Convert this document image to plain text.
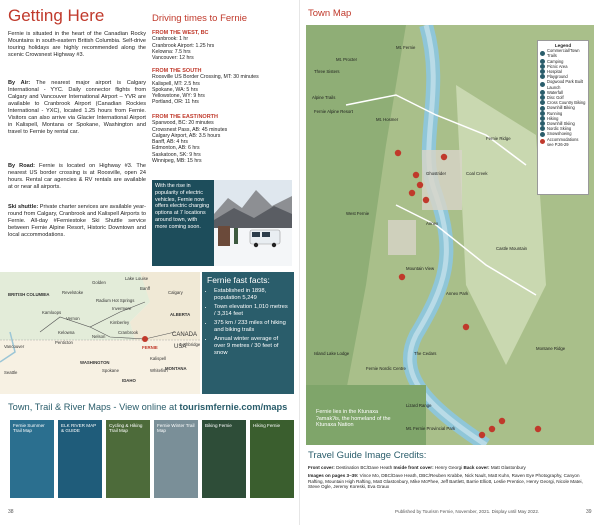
Getting Here

Fernie is situated in the heart of the Canadian Rocky Mountains in south-eastern British Columbia. Self-drive touring holidays are highly recommended along the scenic Crowsnest Highway #3.

By Air: The nearest major airport is Calgary International - YYC. Daily connector flights from Calgary and Vancouver International Airport – YVR are available to Cranbrook Airport (Canadian Rockies International - YXC), located 1.25 hours from Fernie. Visitors can also arrive via Glacier International Airport in Kalispell, Montana or Spokane, Washington and travel to Fernie by rental car.

By Road: Fernie is located on Highway #3. The nearest US border crossing is at Roosville, open 24 hours. Rental car agencies & RV rentals are available at or near all airports.

Ski shuttle: Private charter services are available year-round from Calgary, Cranbrook and Kalispell Airports to Fernie. All-day #Ferniestoke Ski Shuttle service between Fernie Alpine Resort, Historic Downtown and local accommodations.

Driving times to Fernie
FROM THE WEST, BC
Cranbrook: 1 hr
Cranbrook Airport: 1.25 hrs
Kelowna: 7.5 hrs
Vancouver: 12 hrs
FROM THE SOUTH
Roosville US Border Crossing, MT: 30 minutes
Kalispell, MT: 2.5 hrs
Spokane, WA: 5 hrs
Yellowstone, WY: 9 hrs
Portland, OR: 11 hrs
FROM THE EAST/NORTH
Sparwood, BC: 20 minutes
Crowsnest Pass, AB: 45 minutes
Calgary Airport, AB: 3.5 hours
Banff, AB: 4 hrs
Edmonton, AB: 6 hrs
Saskatoon, SK: 9 hrs
Winnipeg, MB: 15 hrs
With the rise in popularity of electric vehicles, Fernie now offers electric charging options at 7 locations around town, with more coming soon.
BRITISH COLUMBIA
ALBERTA
CANADA
USA
WASHINGTON
IDAHO
MONTANA
Calgary
Banff
Golden
Kamloops
Kelowna
Vernon
Penticton
Cranbrook
Kimberley
FERNIE
Vancouver
Seattle	Spokane
Kalispell
Radium Hot Springs
Invermere
Lethbridge
Revelstoke
Nelson
Lake Louise
Whitefish
Fernie fast facts:
• Established in 1898, population 5,249
• Town elevation 1,010 metres / 3,314 feet
• 375 km / 233 miles of hiking and biking trails
• Annual winter average of over 9 metres / 30 feet of snow
Town, Trail & River Maps - View online at tourismfernie.com/maps
Fernie Summer Trail Map
ELK RIVER MAP & GUIDE
Cycling & Hiking Trail Map
Fernie Winter Trail Map
Biking Fernie	Hiking Fernie
38
Town Map
Mt. Fernie
Mt. Procter
Three Sisters
Alpine Trails
Island Lake Lodge
Fernie Alpine Resort
Mt. Hosmer
Fernie Ridge
Ghostrider	Coal Creek
Annex
Annex Park
Castle Mountain
Mountain View
West Fernie
Fernie Nordic Centre
The Cedars
Lizard Range
Montane Ridge
Mt. Fernie Provincial Park
Fernie lies in the Ktunaxa ʔamakʔis, the homeland of the Ktunaxa Nation
Legend
Commercial/Town Trails
Camping
Picnic Area
Hospital
Playground
Dogwood Park Built Launch
Waterfall
Disc Golf
Cross Country Biking
Downhill Biking
Running
Hiking
Downhill Skiing
Nordic Skiing
Snowshoeing
Accommodations see P.26-29
Travel Guide Image Credits:
Front cover: Destination BC/Dave Heath Inside front cover: Henry Georgi Back cover: Matt Glastonbury
Images on pages 3–39: Vince Mo, DBC/Dave Heath, DBC/Reuben Krabbe, Nick Nault, Matt Kuhn, Raven Eye Photography, Canyon Rafting, Mountain High Rafting, Matt Glastonbury, Mike McPhee, Jeff Bartlett, Barrie Elliott, Leslie Prentice, Henry Georgi, Nicole Matei, Steve Ogle, Jeremy Koreski, Eva Graux
Published by Tourism Fernie, November, 2021. Display until May 2022.	39
